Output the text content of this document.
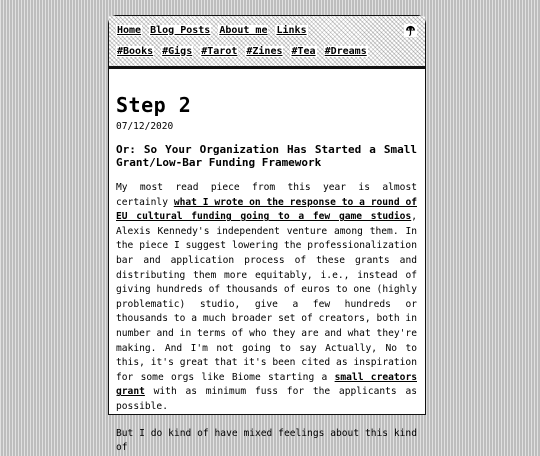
Home Blog Posts About me Links
#Books #Gigs #Tarot #Zines #Tea #Dreams
Step 2
07/12/2020
Or: So Your Organization Has Started a Small Grant/Low-Bar Funding Framework

My most read piece from this year is almost certainly what I wrote on the response to a round of EU cultural funding going to a few game studios, Alexis Kennedy's independent venture among them. In the piece I suggest lowering the professionalization bar and application process of these grants and distributing them more equitably, i.e., instead of giving hundreds of thousands of euros to one (highly problematic) studio, give a few hundreds or thousands to a much broader set of creators, both in number and in terms of who they are and what they're making. And I'm not going to say Actually, No to this, it's great that it's been cited as inspiration for some orgs like Biome starting a small creators grant with as minimum fuss for the applicants as possible.

But I do kind of have mixed feelings about this kind of
